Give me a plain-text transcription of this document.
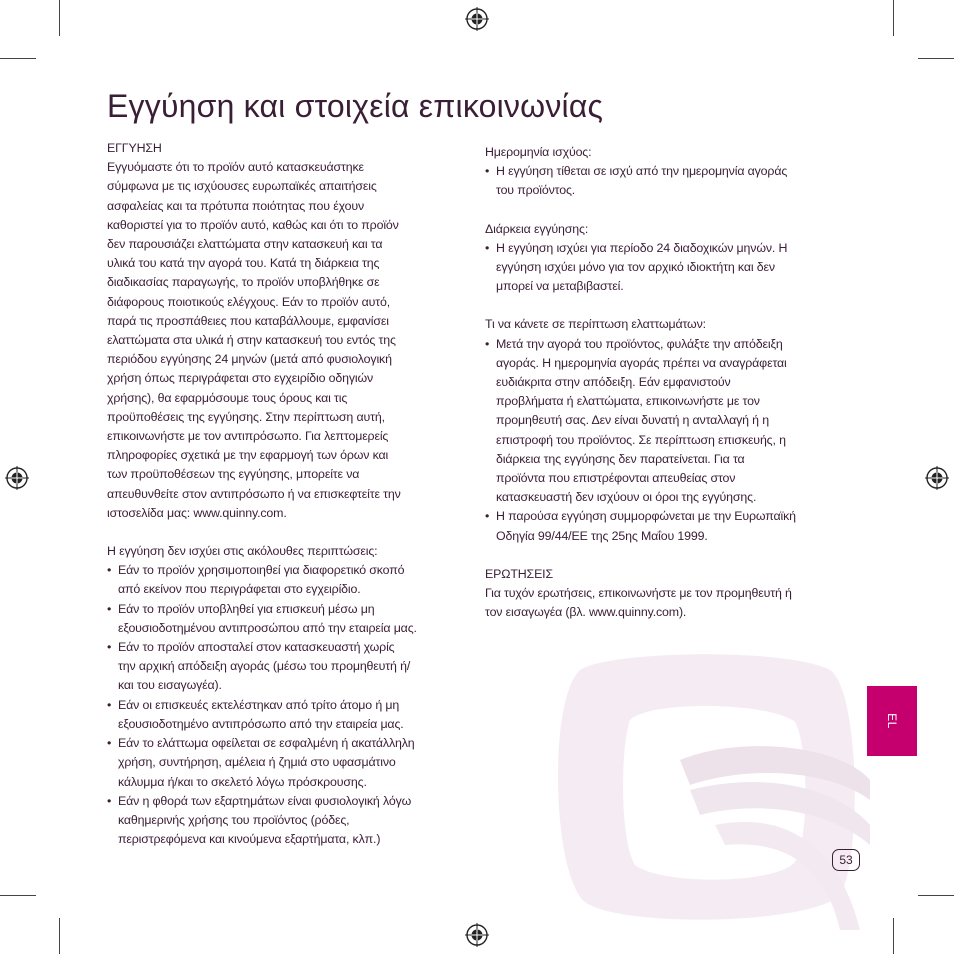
Εγγύηση και στοιχεία επικοινωνίας

ΕΓΓΥΗΣΗ

Εγγυόμαστε ότι το προϊόν αυτό κατασκευάστηκε
σύμφωνα με τις ισχύουσες ευρωπαϊκές απαιτήσεις
ασφαλείας και τα πρότυπα ποιότητας που έχουν
καθοριστεί για το προϊόν αυτό, καθώς και ότι το προϊόν
δεν παρουσιάζει ελαττώματα στην κατασκευή και τα
υλικά του κατά την αγορά του. Κατά τη διάρκεια της
διαδικασίας παραγωγής, το προϊόν υποβλήθηκε σε
διάφορους ποιοτικούς ελέγχους. Εάν το προϊόν αυτό,
παρά τις προσπάθειες που καταβάλλουμε, εμφανίσει
ελαττώματα στα υλικά ή στην κατασκευή του εντός της
περιόδου εγγύησης 24 μηνών (μετά από φυσιολογική
χρήση όπως περιγράφεται στο εγχειρίδιο οδηγιών
χρήσης), θα εφαρμόσουμε τους όρους και τις
προϋποθέσεις της εγγύησης. Στην περίπτωση αυτή,
επικοινωνήστε με τον αντιπρόσωπο. Για λεπτομερείς
πληροφορίες σχετικά με την εφαρμογή των όρων και
των προϋποθέσεων της εγγύησης, μπορείτε να
απευθυνθείτε στον αντιπρόσωπο ή να επισκεφτείτε την
ιστοσελίδα μας: www.quinny.com.

Η εγγύηση δεν ισχύει στις ακόλουθες περιπτώσεις:

• Εάν το προϊόν χρησιμοποιηθεί για διαφορετικό σκοπό
από εκείνον που περιγράφεται στο εγχειρίδιο.
• Εάν το προϊόν υποβληθεί για επισκευή μέσω μη
εξουσιοδοτημένου αντιπροσώπου από την εταιρεία μας.
• Εάν το προϊόν αποσταλεί στον κατασκευαστή χωρίς
την αρχική απόδειξη αγοράς (μέσω του προμηθευτή ή/
και του εισαγωγέα).
• Εάν οι επισκευές εκτελέστηκαν από τρίτο άτομο ή μη
εξουσιοδοτημένο αντιπρόσωπο από την εταιρεία μας.
• Εάν το ελάττωμα οφείλεται σε εσφαλμένη ή ακατάλληλη
χρήση, συντήρηση, αμέλεια ή ζημιά στο υφασμάτινο
κάλυμμα ή/και το σκελετό λόγω πρόσκρουσης.
• Εάν η φθορά των εξαρτημάτων είναι φυσιολογική λόγω
καθημερινής χρήσης του προϊόντος (ρόδες,
περιστρεφόμενα και κινούμενα εξαρτήματα, κλπ.)

Ημερομηνία ισχύος:

• Η εγγύηση τίθεται σε ισχύ από την ημερομηνία αγοράς
του προϊόντος.

Διάρκεια εγγύησης:

• Η εγγύηση ισχύει για περίοδο 24 διαδοχικών μηνών. Η
εγγύηση ισχύει μόνο για τον αρχικό ιδιοκτήτη και δεν
μπορεί να μεταβιβαστεί.

Τι να κάνετε σε περίπτωση ελαττωμάτων:

• Μετά την αγορά του προϊόντος, φυλάξτε την απόδειξη
αγοράς. Η ημερομηνία αγοράς πρέπει να αναγράφεται
ευδιάκριτα στην απόδειξη. Εάν εμφανιστούν
προβλήματα ή ελαττώματα, επικοινωνήστε με τον
προμηθευτή σας. Δεν είναι δυνατή η ανταλλαγή ή η
επιστροφή του προϊόντος. Σε περίπτωση επισκευής, η
διάρκεια της εγγύησης δεν παρατείνεται. Για τα
προϊόντα που επιστρέφονται απευθείας στον
κατασκευαστή δεν ισχύουν οι όροι της εγγύησης.
• Η παρούσα εγγύηση συμμορφώνεται με την Ευρωπαϊκή
Οδηγία 99/44/ΕΕ της 25ης Μαΐου 1999.

ΕΡΩΤΗΣΕΙΣ

Για τυχόν ερωτήσεις, επικοινωνήστε με τον προμηθευτή ή
τον εισαγωγέα (βλ. www.quinny.com).
EL
53
